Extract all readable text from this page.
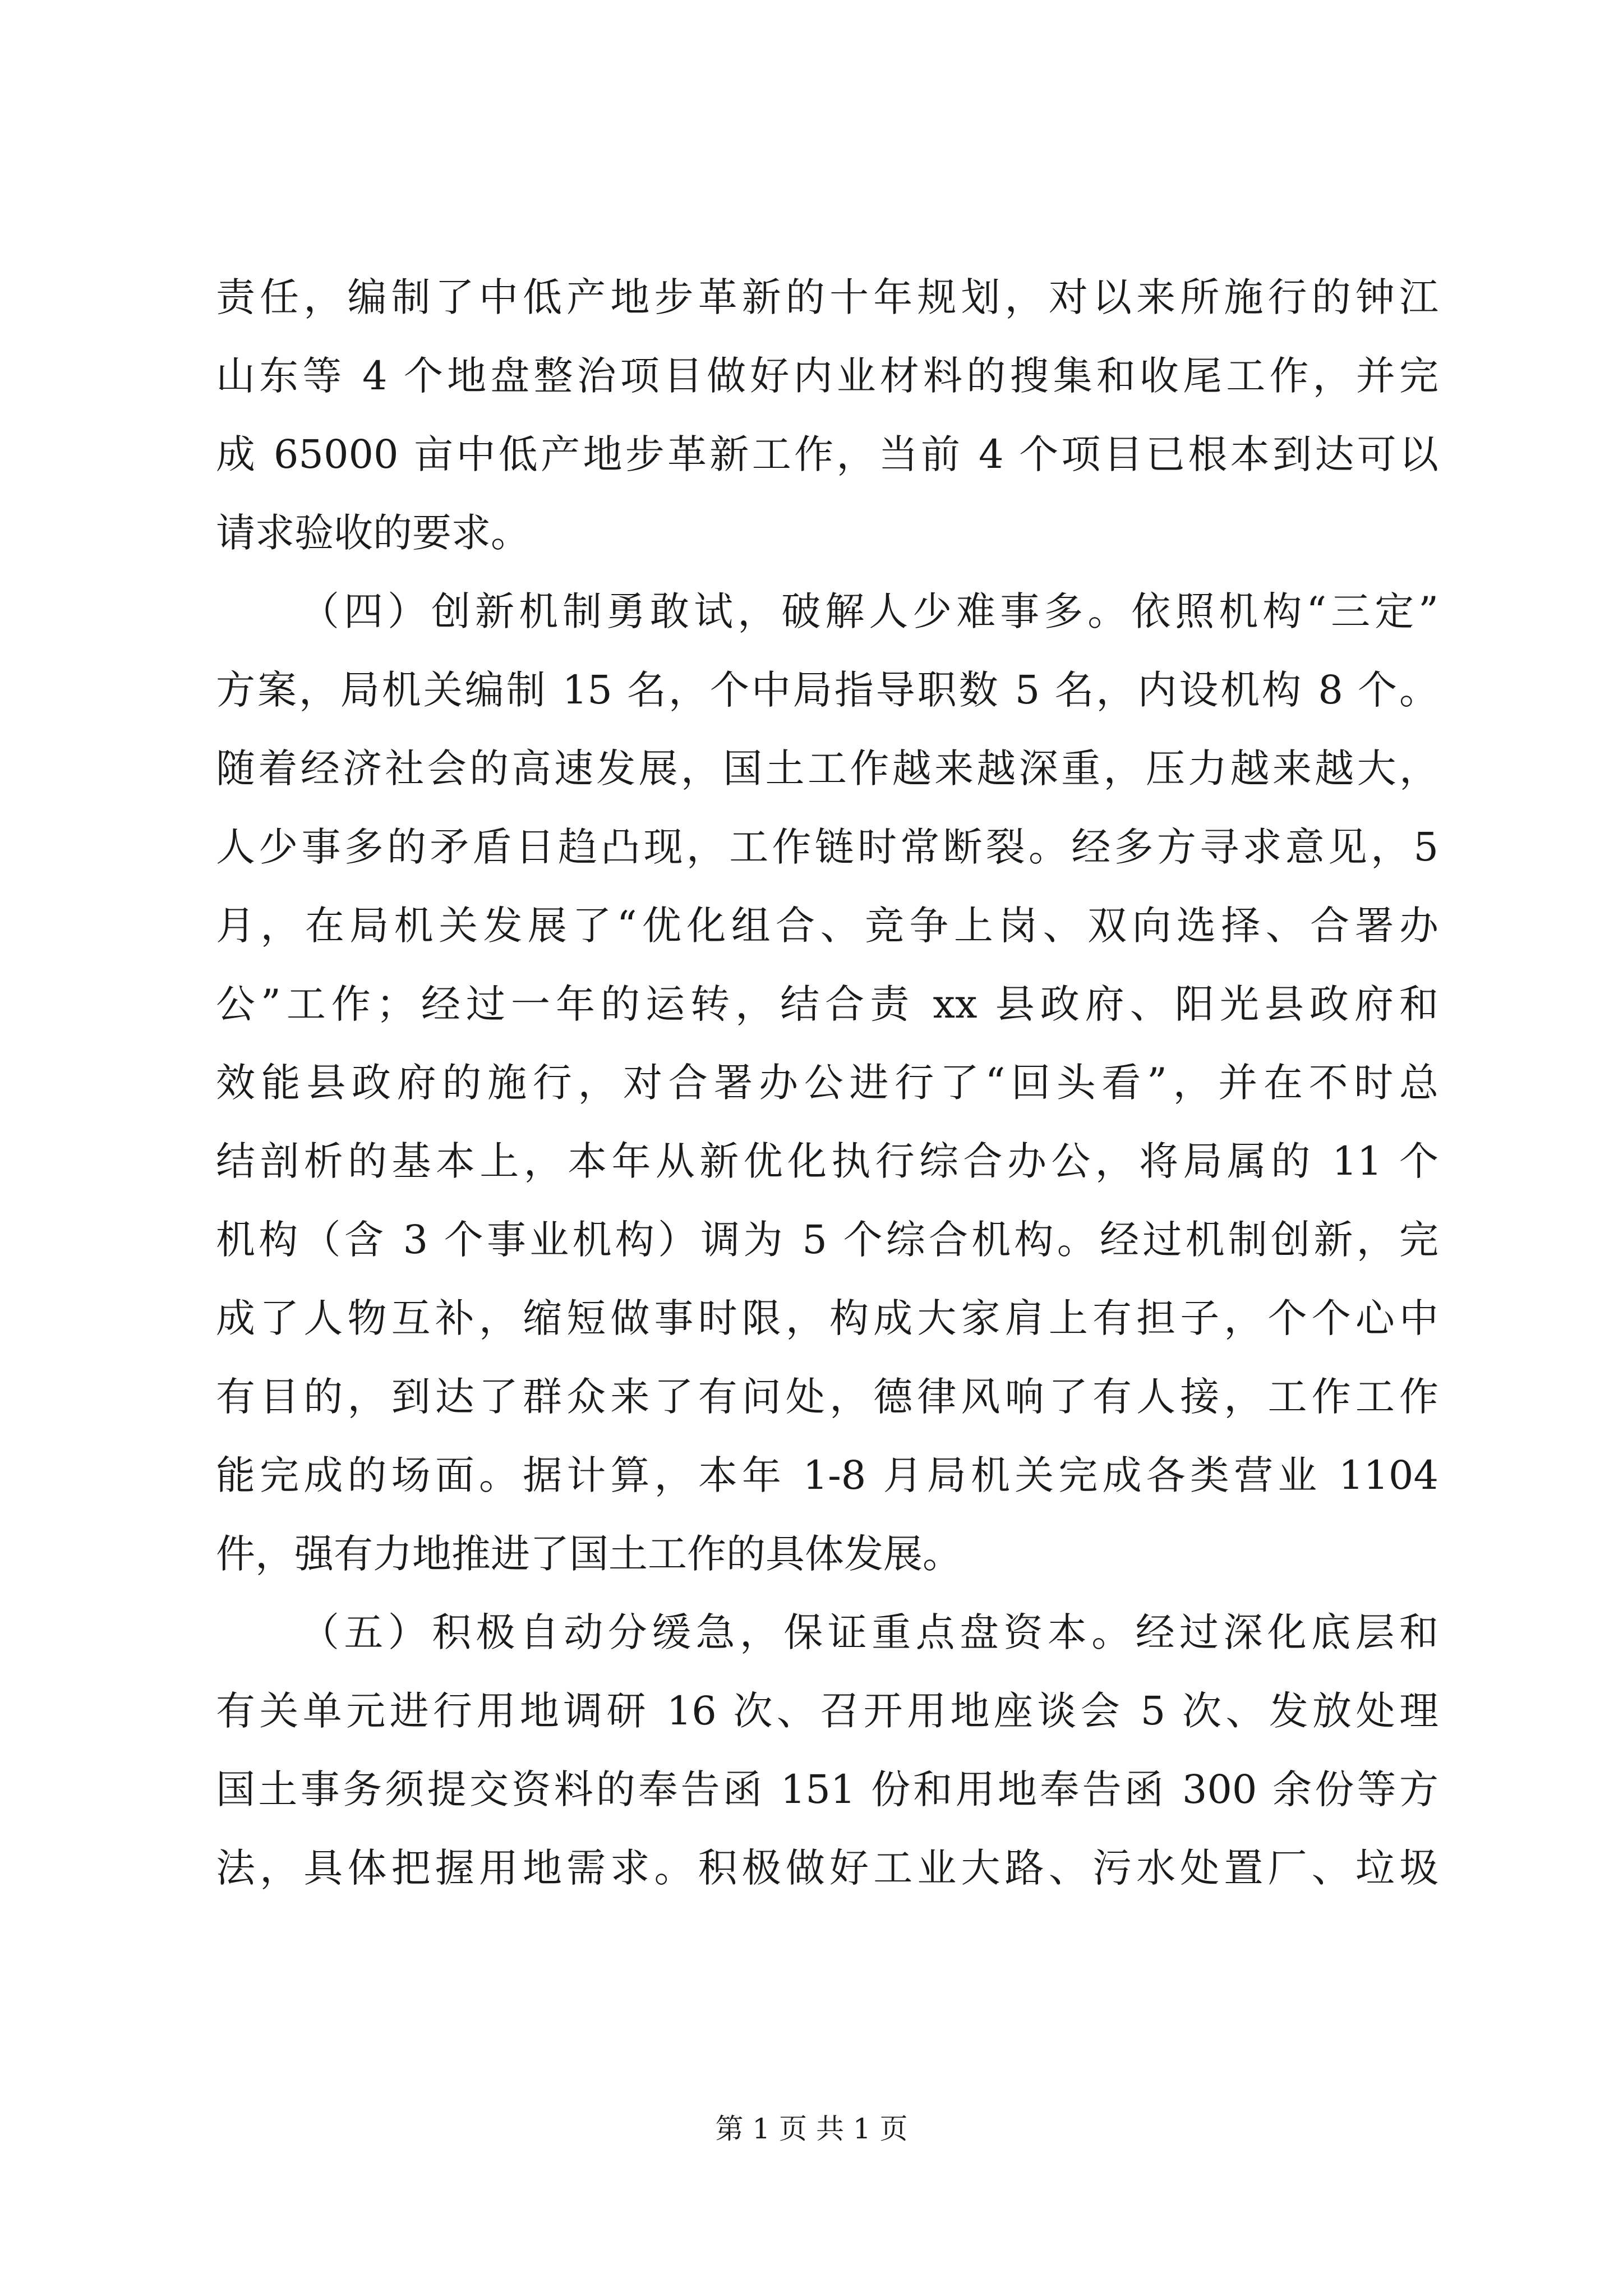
责任，编制了中低产地步革新的十年规划，对以来所施行的钟江
山东等 4 个地盘整治项目做好内业材料的搜集和收尾工作，并完
成 65000 亩中低产地步革新工作，当前 4 个项目已根本到达可以
请求验收的要求。
（四）创新机制勇敢试，破解人少难事多。依照机构“三定”
方案，局机关编制 15 名，个中局指导职数 5 名，内设机构 8 个。
随着经济社会的高速发展，国土工作越来越深重，压力越来越大，
人少事多的矛盾日趋凸现，工作链时常断裂。经多方寻求意见，5
月，在局机关发展了“优化组合、竞争上岗、双向选择、合署办
公”工作；经过一年的运转，结合责 xx 县政府、阳光县政府和
效能县政府的施行，对合署办公进行了“回头看”，并在不时总
结剖析的基本上，本年从新优化执行综合办公，将局属的 11 个
机构（含 3 个事业机构）调为 5 个综合机构。经过机制创新，完
成了人物互补，缩短做事时限，构成大家肩上有担子，个个心中
有目的，到达了群众来了有问处，德律风响了有人接，工作工作
能完成的场面。据计算，本年 1-8 月局机关完成各类营业 1104
件，强有力地推进了国土工作的具体发展。
（五）积极自动分缓急，保证重点盘资本。经过深化底层和
有关单元进行用地调研 16 次、召开用地座谈会 5 次、发放处理
国土事务须提交资料的奉告函 151 份和用地奉告函 300 余份等方
法，具体把握用地需求。积极做好工业大路、污水处置厂、垃圾
第 1 页 共 1 页
